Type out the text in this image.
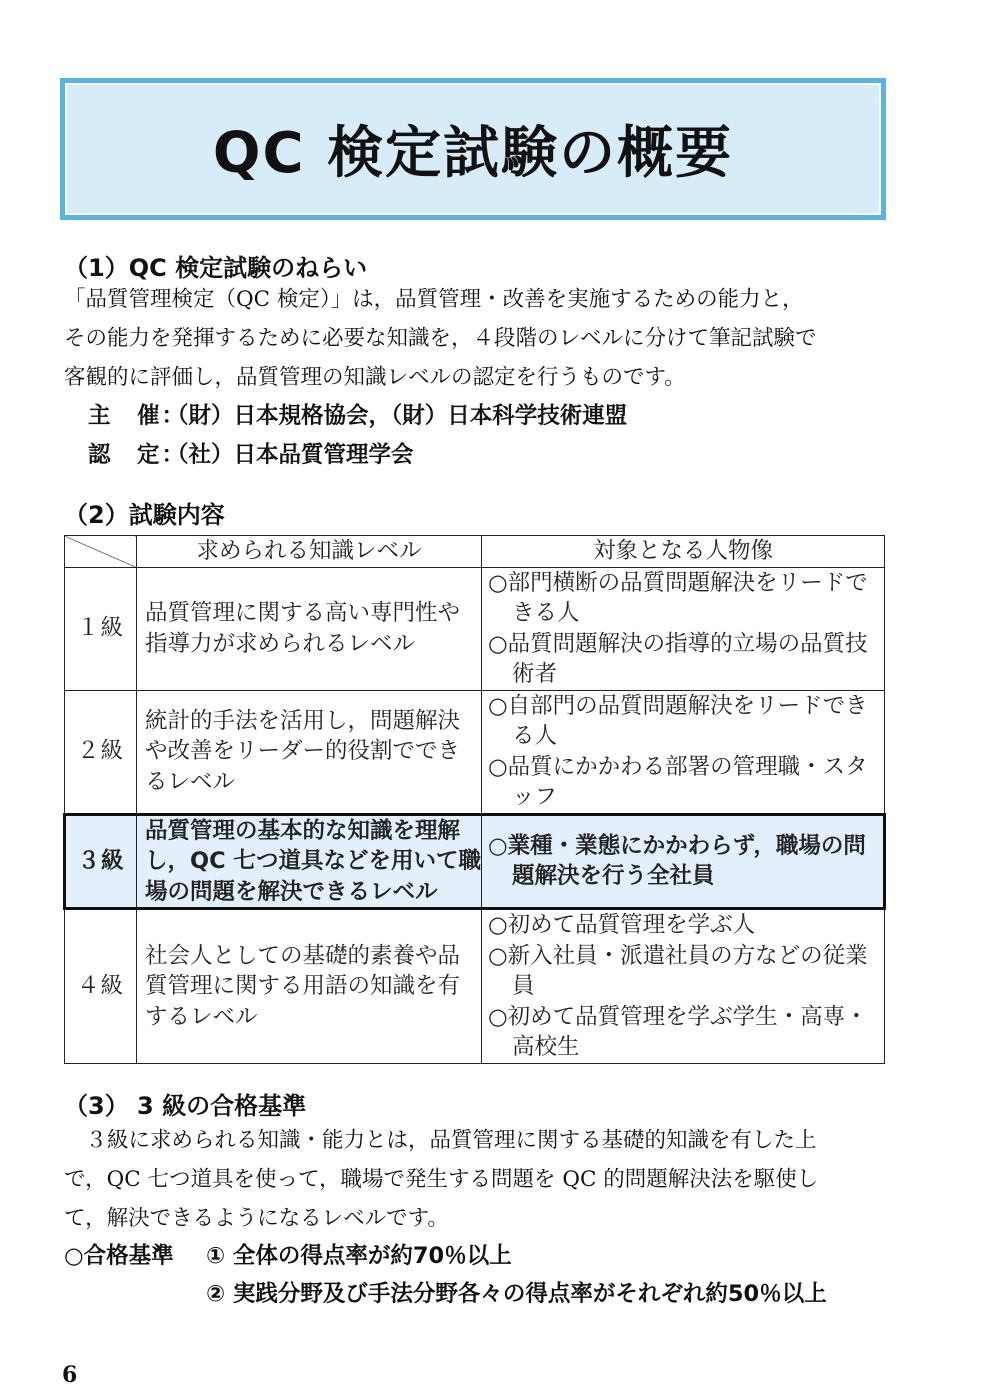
QC 検定試験の概要
（1）QC 検定試験のねらい
「品質管理検定（QC 検定）」は，品質管理・改善を実施するための能力と，
その能力を発揮するために必要な知識を，４段階のレベルに分けて筆記試験で
客観的に評価し，品質管理の知識レベルの認定を行うものです。
主　催：（財）日本規格協会，（財）日本科学技術連盟
認　定：（社）日本品質管理学会
（2）試験内容
	求められる知識レベル	対象となる人物像
１級	品質管理に関する高い専門性や指導力が求められるレベル	○部門横断の品質問題解決をリードできる人
○品質問題解決の指導的立場の品質技術者

２級	統計的手法を活用し，問題解決や改善をリーダー的役割でできるレベル	○自部門の品質問題解決をリードできる人
○品質にかかわる部署の管理職・スタッフ

３級	品質管理の基本的な知識を理解し，QC 七つ道具などを用いて職場の問題を解決できるレベル	○業種・業態にかかわらず，職場の問題解決を行う全社員

４級	社会人としての基礎的素養や品質管理に関する用語の知識を有するレベル	○初めて品質管理を学ぶ人
○新入社員・派遣社員の方などの従業員
○初めて品質管理を学ぶ学生・高専・高校生
（3） 3 級の合格基準
　３級に求められる知識・能力とは，品質管理に関する基礎的知識を有した上
で，QC 七つ道具を使って，職場で発生する問題を QC 的問題解決法を駆使し
て，解決できるようになるレベルです。
○合格基準 ① 全体の得点率が約70％以上
② 実践分野及び手法分野各々の得点率がそれぞれ約50％以上
6
